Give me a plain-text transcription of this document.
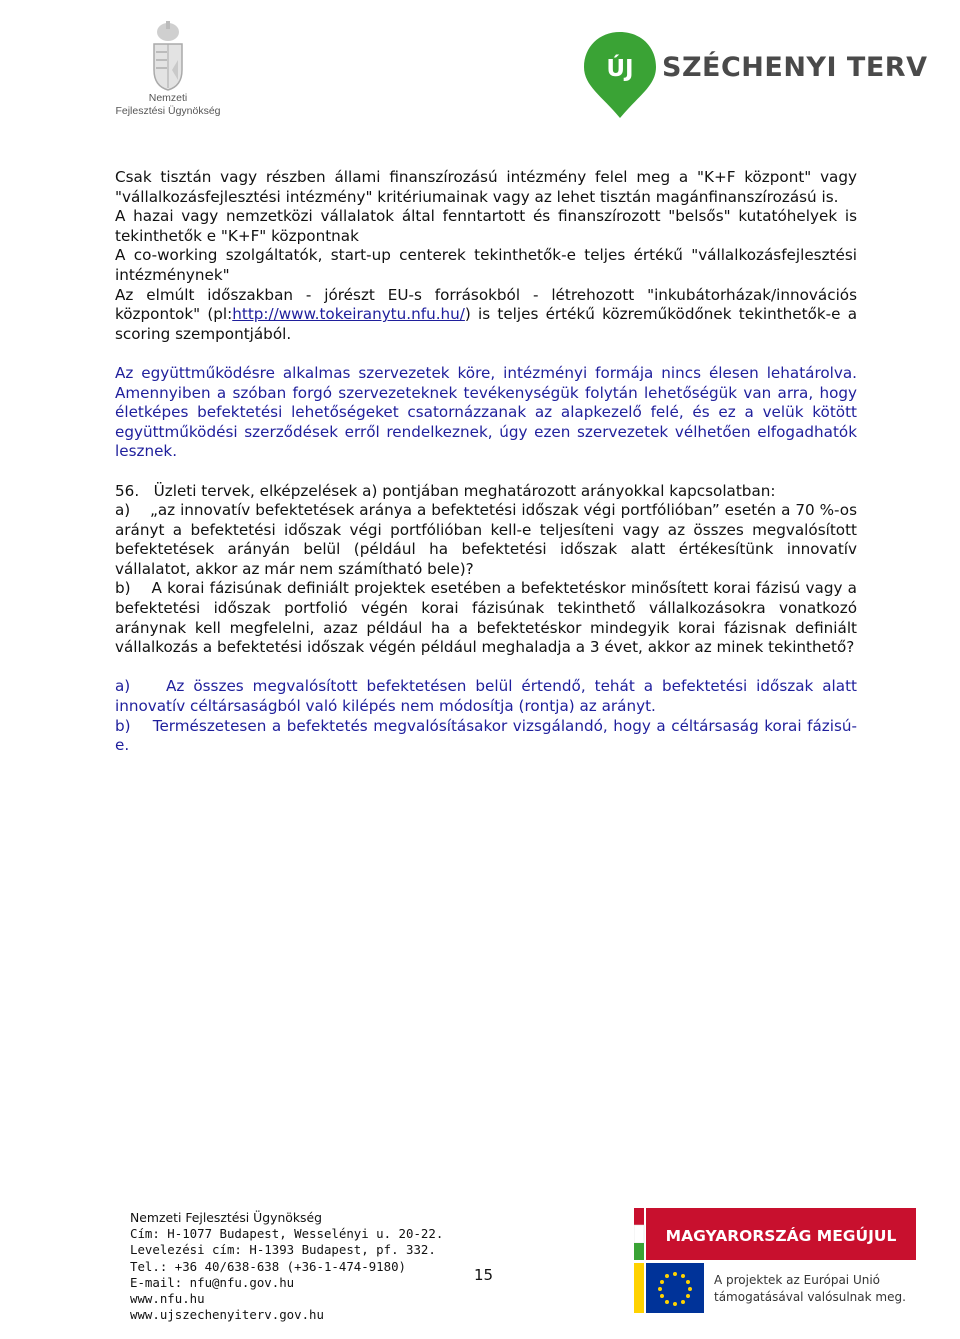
Nemzeti
Fejlesztési Ügynökség
ÚJ SZÉCHENYI TERV

Csak tisztán vagy részben állami finanszírozású intézmény felel meg a "K+F központ" vagy "vállalkozásfejlesztési intézmény" kritériumainak vagy az lehet tisztán magánfinanszírozású is.

A hazai vagy nemzetközi vállalatok által fenntartott és finanszírozott "belsős" kutatóhelyek is tekinthetők e "K+F" központnak

A co-working szolgáltatók, start-up centerek tekinthetők-e teljes értékű "vállalkozásfejlesztési intézménynek"

Az elmúlt időszakban - jórészt EU-s forrásokból - létrehozott "inkubátorházak/innovációs központok" (pl:http://www.tokeiranytu.nfu.hu/) is teljes értékű közreműködőnek tekinthetők-e a scoring szempontjából.

Az együttműködésre alkalmas szervezetek köre, intézményi formája nincs élesen lehatárolva. Amennyiben a szóban forgó szervezeteknek tevékenységük folytán lehetőségük van arra, hogy életképes befektetési lehetőségeket csatornázzanak az alapkezelő felé, és ez a velük kötött együttműködési szerződések erről rendelkeznek, úgy ezen szervezetek vélhetően elfogadhatók lesznek.

56.   Üzleti tervek, elképzelések a) pontjában meghatározott arányokkal kapcsolatban:

a)    „az innovatív befektetések aránya a befektetési időszak végi portfólióban” esetén a 70 %-os arányt a befektetési időszak végi portfólióban kell-e teljesíteni vagy az összes megvalósított befektetések arányán belül (például ha befektetési időszak alatt értékesítünk innovatív vállalatot, akkor az már nem számítható bele)?

b)    A korai fázisúnak definiált projektek esetében a befektetéskor minősített korai fázisú vagy a befektetési időszak portfolió végén korai fázisúnak tekinthető vállalkozásokra vonatkozó aránynak kell megfelelni, azaz például ha a befektetéskor mindegyik korai fázisnak definiált vállalkozás a befektetési időszak végén például meghaladja a 3 évet, akkor az minek tekinthető?

a)    Az összes megvalósított befektetésen belül értendő, tehát a befektetési időszak alatt innovatív céltársaságból való kilépés nem módosítja (rontja) az arányt.

b)    Természetesen a befektetés megvalósításakor vizsgálandó, hogy a céltársaság korai fázisú-e.

Nemzeti Fejlesztési Ügynökség
Cím: H-1077 Budapest, Wesselényi u. 20-22.
Levelezési cím: H-1393 Budapest, pf. 332.
Tel.: +36 40/638-638 (+36-1-474-9180)
E-mail: nfu@nfu.gov.hu
www.nfu.hu
www.ujszechenyiterv.gov.hu
15
MAGYARORSZÁG MEGÚJUL
A projektek az Európai Unió
támogatásával valósulnak meg.
